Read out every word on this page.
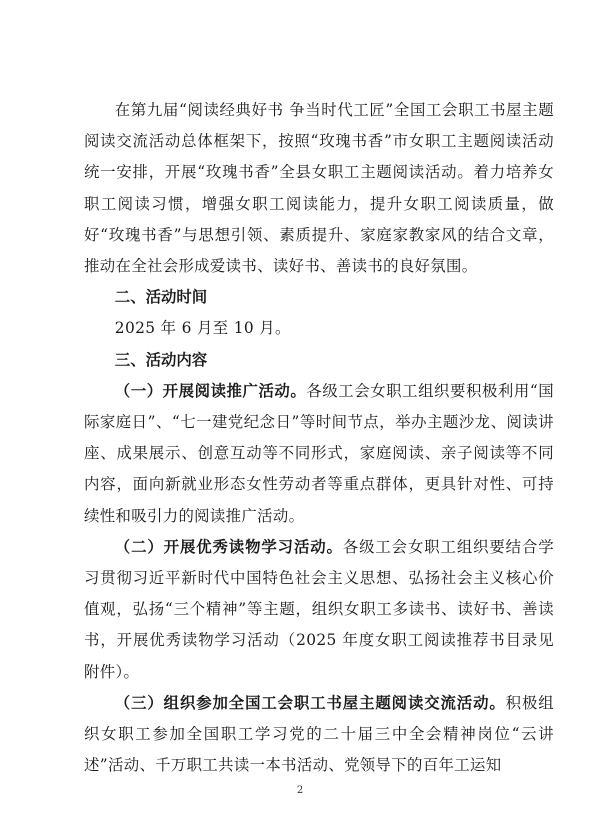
在第九届“阅读经典好书 争当时代工匠”全国工会职工书屋主题阅读交流活动总体框架下，按照“玫瑰书香”市女职工主题阅读活动统一安排，开展“玫瑰书香”全县女职工主题阅读活动。着力培养女职工阅读习惯，增强女职工阅读能力，提升女职工阅读质量，做好“玫瑰书香”与思想引领、素质提升、家庭家教家风的结合文章，推动在全社会形成爱读书、读好书、善读书的良好氛围。

二、活动时间

2025 年 6 月至 10 月。

三、活动内容

（一）开展阅读推广活动。各级工会女职工组织要积极利用“国际家庭日”、“七一建党纪念日”等时间节点，举办主题沙龙、阅读讲座、成果展示、创意互动等不同形式，家庭阅读、亲子阅读等不同内容，面向新就业形态女性劳动者等重点群体，更具针对性、可持续性和吸引力的阅读推广活动。

（二）开展优秀读物学习活动。各级工会女职工组织要结合学习贯彻习近平新时代中国特色社会主义思想、弘扬社会主义核心价值观，弘扬“三个精神”等主题，组织女职工多读书、读好书、善读书，开展优秀读物学习活动（2025 年度女职工阅读推荐书目录见附件）。

（三）组织参加全国工会职工书屋主题阅读交流活动。积极组织女职工参加全国职工学习党的二十届三中全会精神岗位“云讲述”活动、千万职工共读一本书活动、党领导下的百年工运知

2
